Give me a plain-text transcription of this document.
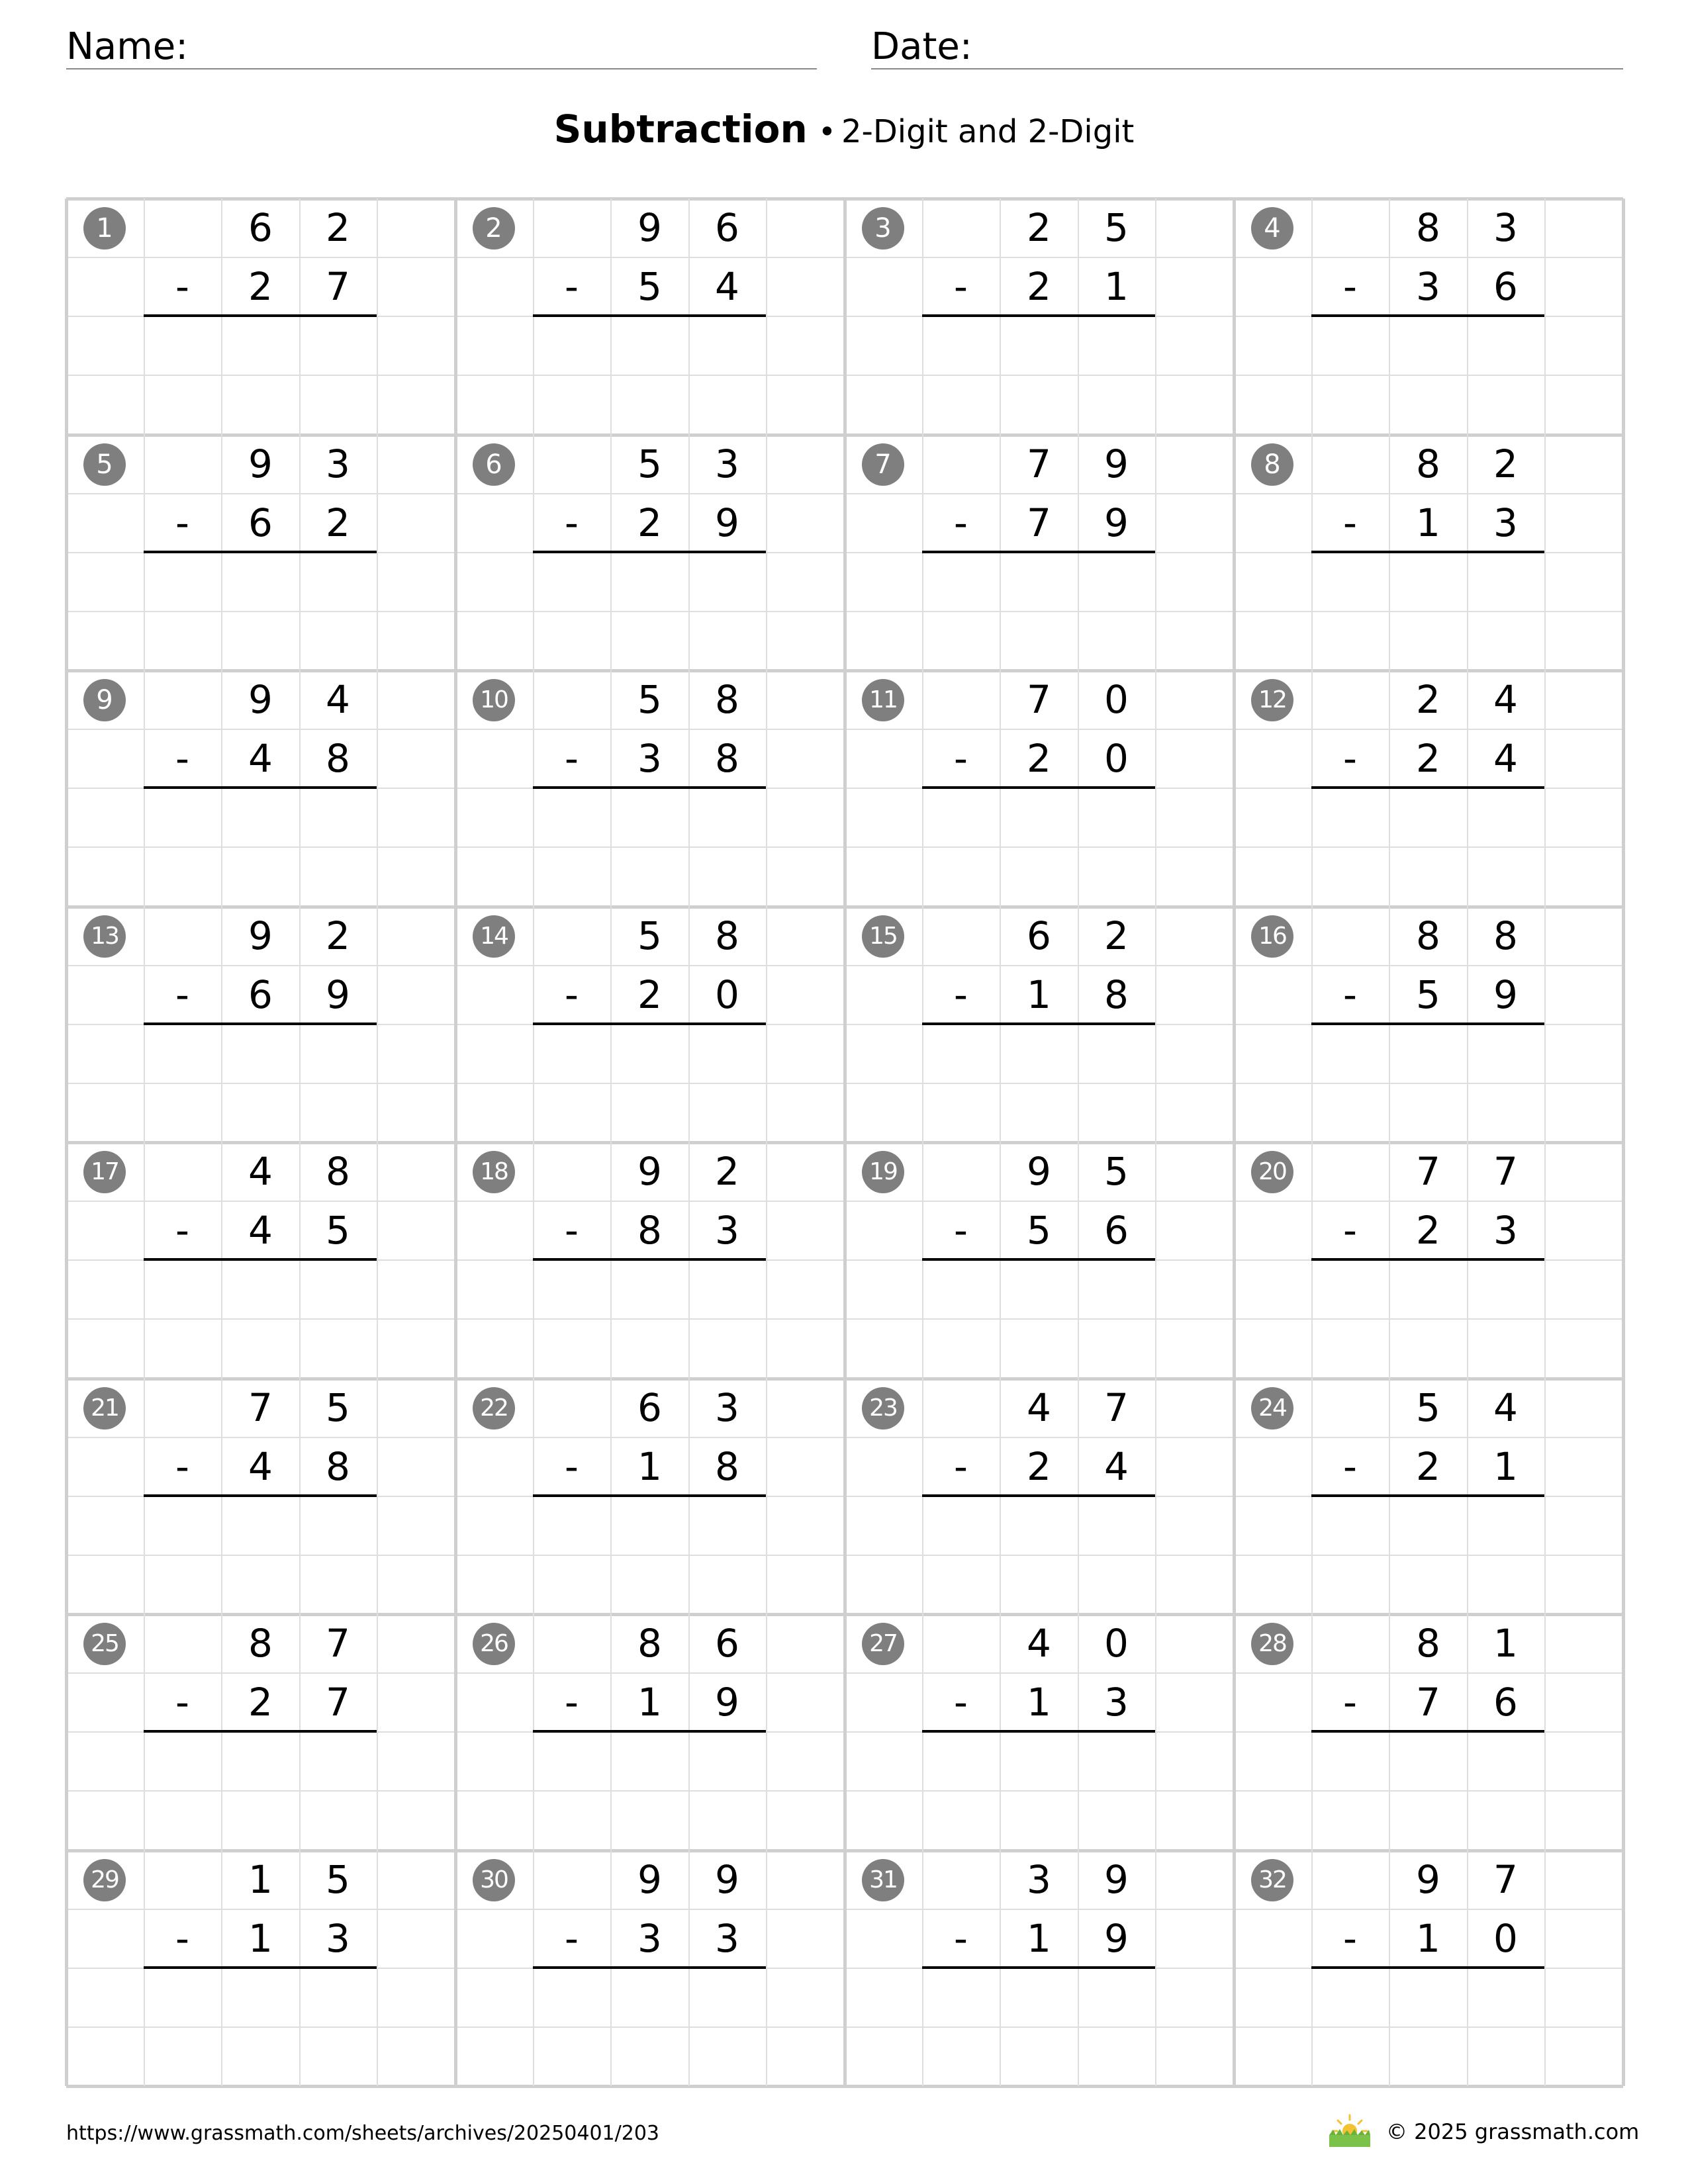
Name:	Date:
Subtraction • 2-Digit and 2-Digit
1	6	2
-	2	7
2	9	6
-	5	4
3	2	5
-	2	1
4	8	3
-	3	6
5	9	3
-	6	2
6	5	3
-	2	9
7	7	9
-	7	9
8	8	2
-	1	3
9	9	4
-	4	8
10	5	8
-	3	8
11	7	0
-	2	0
12	2	4
-	2	4
13	9	2
-	6	9
14	5	8
-	2	0
15	6	2
-	1	8
16	8	8
-	5	9
17	4	8
-	4	5
18	9	2
-	8	3
19	9	5
-	5	6
20	7	7
-	2	3
21	7	5
-	4	8
22	6	3
-	1	8
23	4	7
-	2	4
24	5	4
-	2	1
25	8	7
-	2	7
26	8	6
-	1	9
27	4	0
-	1	3
28	8	1
-	7	6
29	1	5
-	1	3
30	9	9
-	3	3
31	3	9
-	1	9
32	9	7
-	1	0
https://www.grassmath.com/sheets/archives/20250401/203	© 2025 grassmath.com
